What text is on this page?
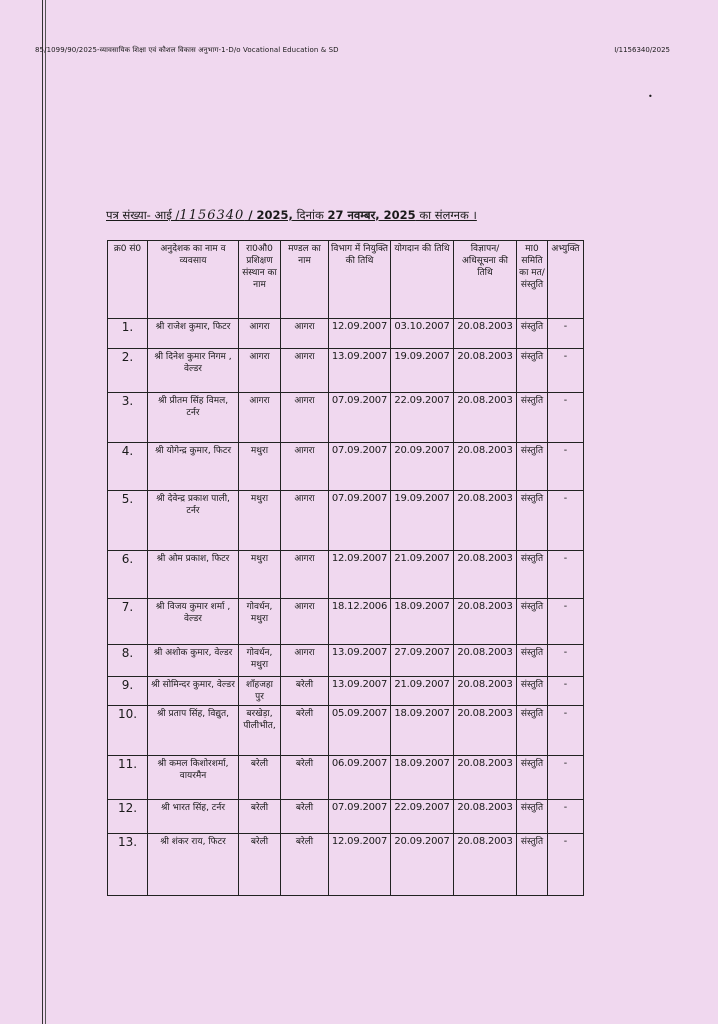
85/1099/90/2025-व्यावसायिक शिक्षा एवं कौशल विकास अनुभाग-1-D/o Vocational Education & SD	I/1156340/2025
•
पत्र संख्या- आई /1156340 / 2025, दिनांक 27 नवम्बर, 2025 का संलग्नक ।
क्र0 सं0	अनुदेशक का नाम व व्यवसाय	रा0औ0 प्रशिक्षण संस्थान का नाम	मण्डल का नाम	विभाग में नियुक्ति की तिथि	योगदान की तिथि	विज्ञापन/ अधिसूचना की तिथि	मा0 समिति का मत/ संस्तुति	अभ्युक्ति
1.	श्री राजेश कुमार, फिटर	आगरा	आगरा	12.09.2007	03.10.2007	20.08.2003	संस्तुति	-
2.	श्री दिनेश कुमार निगम , वेल्डर	आगरा	आगरा	13.09.2007	19.09.2007	20.08.2003	संस्तुति	-
3.	श्री प्रीतम सिंह विमल, टर्नर	आगरा	आगरा	07.09.2007	22.09.2007	20.08.2003	संस्तुति	-
4.	श्री योगेन्द्र कुमार, फिटर	मथुरा	आगरा	07.09.2007	20.09.2007	20.08.2003	संस्तुति	-
5.	श्री देवेन्द्र प्रकाश पाली, टर्नर	मथुरा	आगरा	07.09.2007	19.09.2007	20.08.2003	संस्तुति	-
6.	श्री ओम प्रकाश, फिटर	मथुरा	आगरा	12.09.2007	21.09.2007	20.08.2003	संस्तुति	-
7.	श्री विजय कुमार शर्मा , वेल्डर	गोवर्धन, मथुरा	आगरा	18.12.2006	18.09.2007	20.08.2003	संस्तुति	-
8.	श्री अशोक कुमार, वेल्डर	गोवर्धन, मथुरा	आगरा	13.09.2007	27.09.2007	20.08.2003	संस्तुति	-
9.	श्री सोमिन्दर कुमार, वेल्डर	शाँहजहा पुर	बरेली	13.09.2007	21.09.2007	20.08.2003	संस्तुति	-
10.	श्री प्रताप सिंह, विद्युत,	बरखेड़ा, पीलीभीत,	बरेली	05.09.2007	18.09.2007	20.08.2003	संस्तुति	-
11.	श्री कमल किशोरशर्मा, वायरमैन	बरेली	बरेली	06.09.2007	18.09.2007	20.08.2003	संस्तुति	-
12.	श्री भारत सिंह, टर्नर	बरेली	बरेली	07.09.2007	22.09.2007	20.08.2003	संस्तुति	-
13.	श्री शंकर राय, फिटर	बरेली	बरेली	12.09.2007	20.09.2007	20.08.2003	संस्तुति	-
